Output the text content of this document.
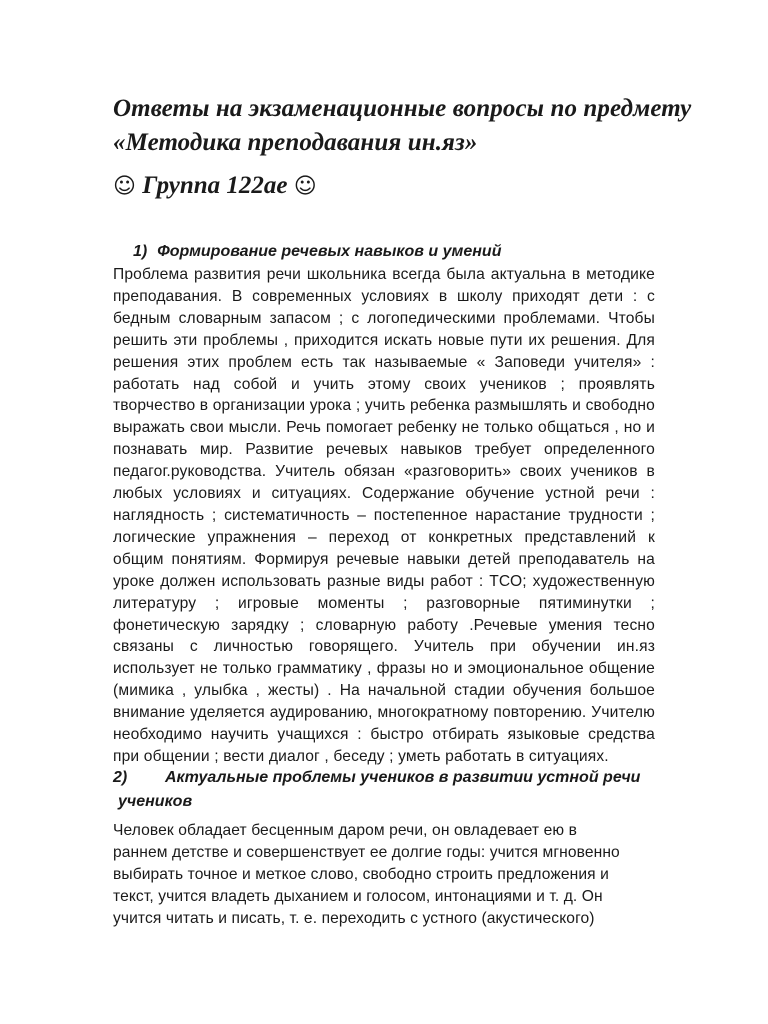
Ответы на экзаменационные вопросы по предмету «Методика преподавания ин.яз»
☺ Группа 122ае ☺
1) Формирование речевых навыков и умений

Проблема развития речи школьника всегда была актуальна в методике преподавания. В современных условиях в школу приходят дети : с бедным словарным запасом ; с логопедическими проблемами. Чтобы решить эти проблемы , приходится искать новые пути их решения. Для решения этих проблем есть так называемые « Заповеди учителя» : работать над собой и учить этому своих учеников ; проявлять творчество в организации урока ; учить ребенка размышлять и свободно выражать свои мысли. Речь помогает ребенку не только общаться , но и познавать мир. Развитие речевых навыков требует определенного педагог.руководства. Учитель обязан «разговорить» своих учеников в любых условиях и ситуациях. Содержание обучение устной речи : наглядность ; систематичность – постепенное нарастание трудности ; логические упражнения – переход от конкретных представлений к общим понятиям. Формируя речевые навыки детей преподаватель на уроке должен использовать разные виды работ : ТСО; художественную литературу ; игровые моменты ; разговорные пятиминутки ; фонетическую зарядку ; словарную работу .Речевые умения тесно связаны с личностью говорящего. Учитель при обучении ин.яз использует не только грамматику , фразы но и эмоциональное общение (мимика , улыбка , жесты) . На начальной стадии обучения большое внимание уделяется аудированию, многократному повторению. Учителю необходимо научить учащихся : быстро отбирать языковые средства при общении ; вести диалог , беседу ; уметь работать в ситуациях.

2) Актуальные проблемы учеников в развитии устной речи
учеников
Человек обладает бесценным даром речи, он овладевает ею в
раннем детстве и совершенствует ее долгие годы: учится мгновенно
выбирать точное и меткое слово, свободно строить предложения и
текст, учится владеть дыханием и голосом, интонациями и т. д. Он
учится читать и писать, т. е. переходить с устного (акустического)
